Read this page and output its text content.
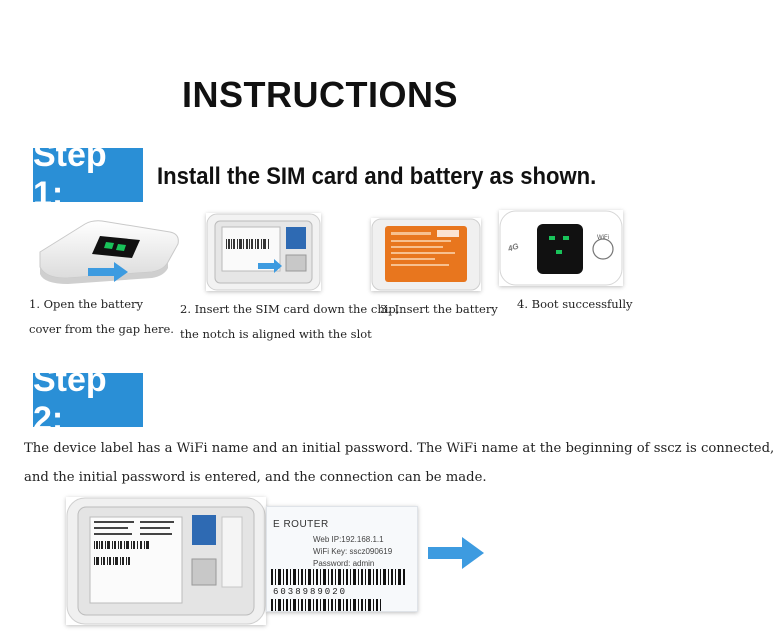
INSTRUCTIONS
Step 1:	Install the SIM card and battery as shown.
4G
WiFi
1. Open the battery
cover from the gap here.
2. Insert the SIM card down the chip,
the notch is aligned with the slot
3. Insert the battery 4. Boot successfully
Step 2:
The device label has a WiFi name and an initial password. The WiFi name at the beginning of sscz is connected,
and the initial password is entered, and the connection can be made.
E ROUTER
Web IP:192.168.1.1
WiFi Key: sscz090619
Password: admin
6038989020
